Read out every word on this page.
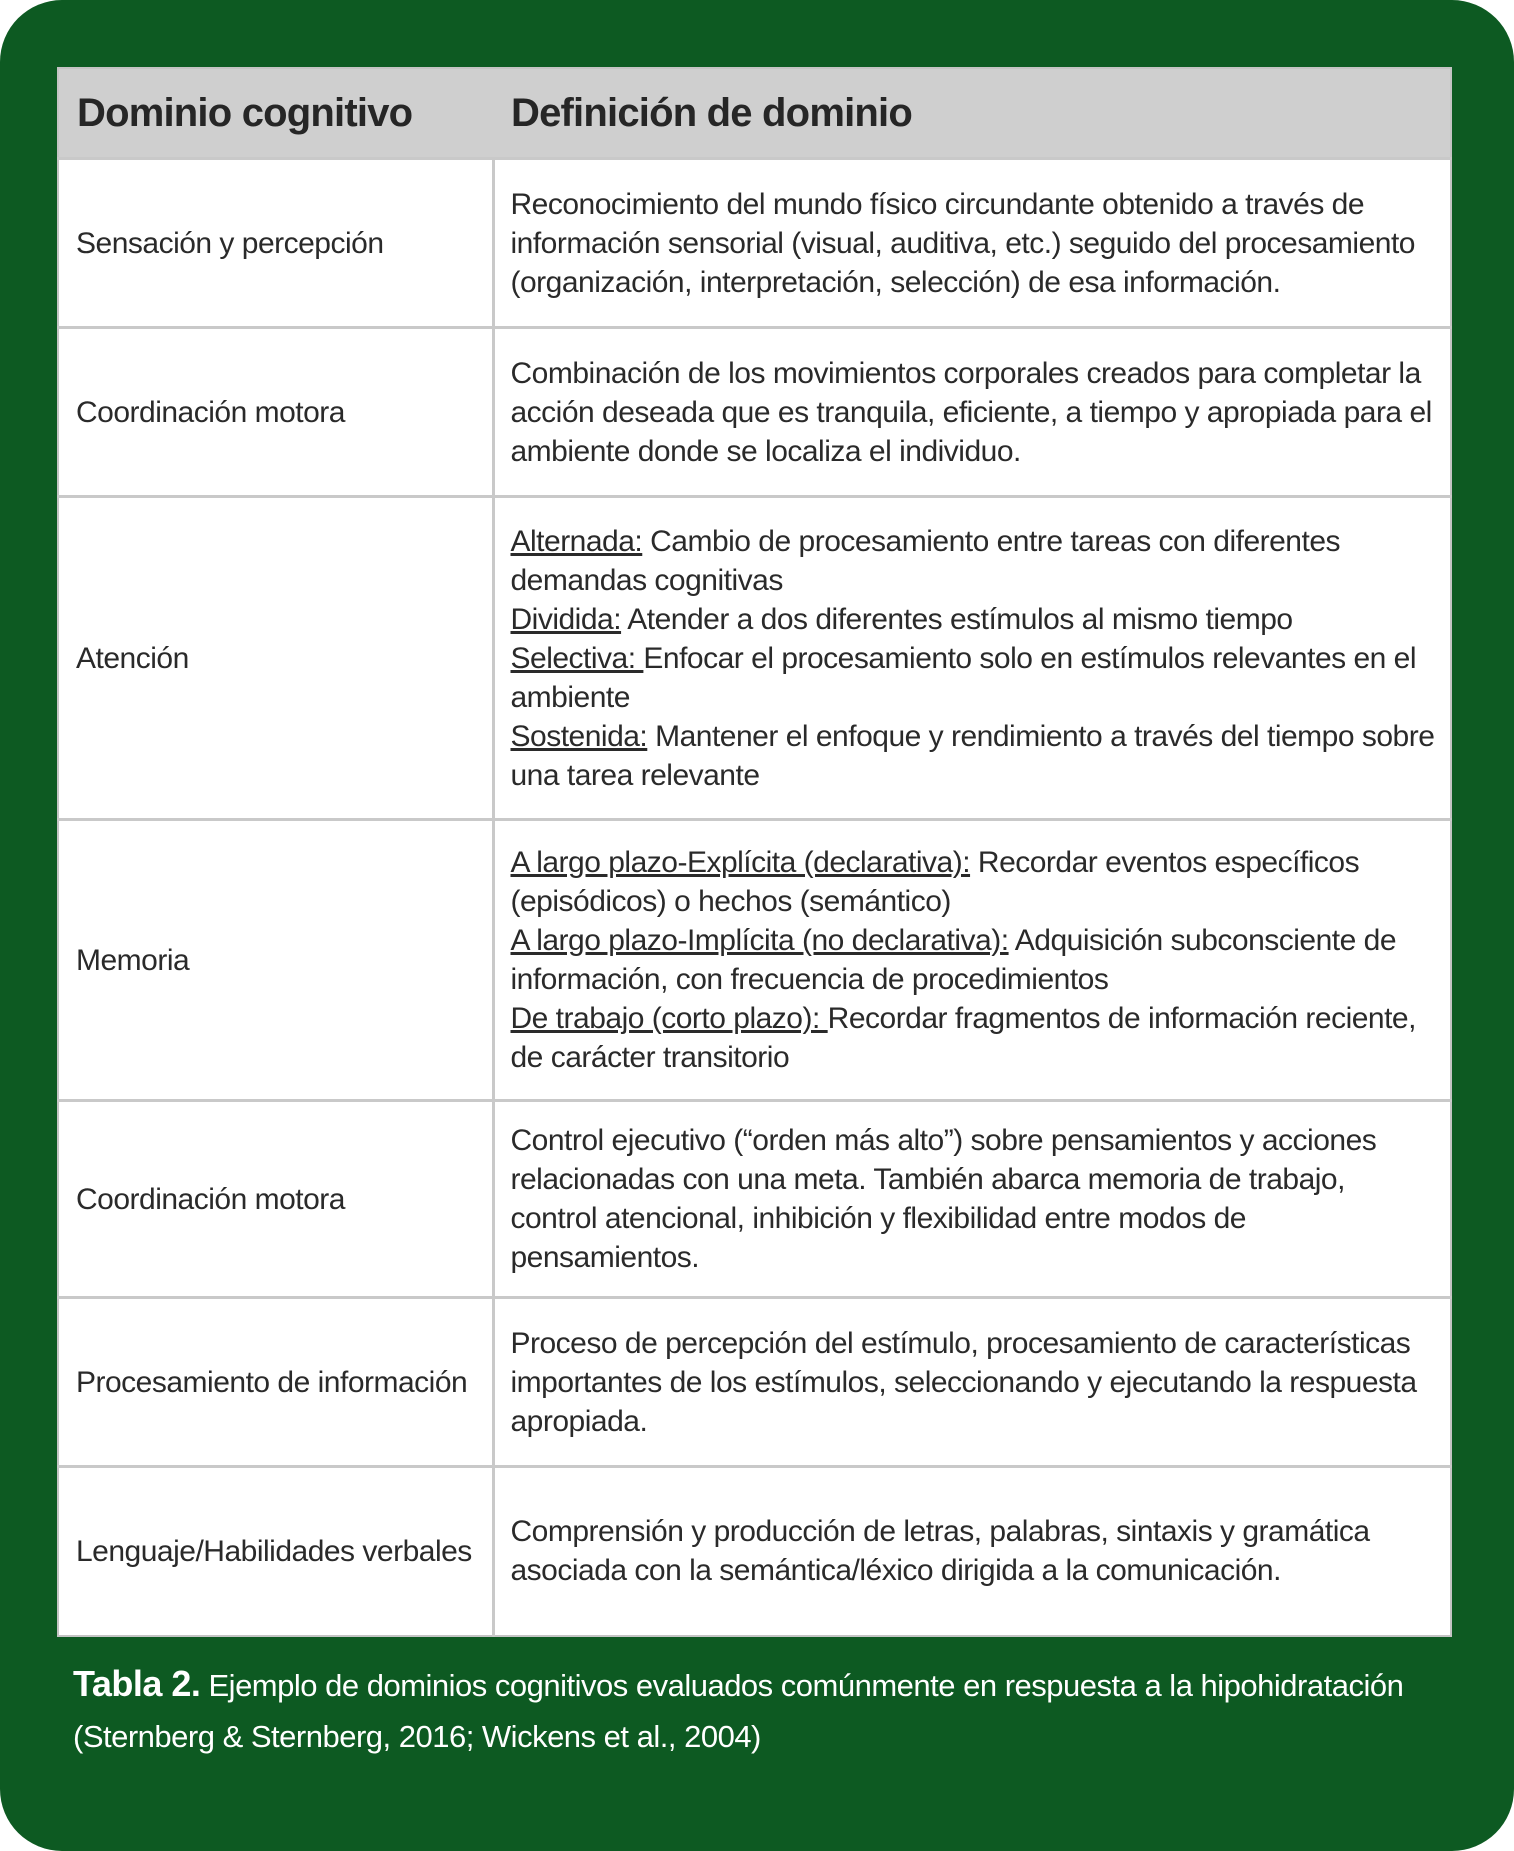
Dominio cognitivo	Definición de dominio
Sensación y percepción	Reconocimiento del mundo físico circundante obtenido a través de información sensorial (visual, auditiva, etc.) seguido del procesamiento (organización, interpretación, selección) de esa información.
Coordinación motora	Combinación de los movimientos corporales creados para completar la acción deseada que es tranquila, eficiente, a tiempo y apropiada para el ambiente donde se localiza el individuo.
Atención	Alternada: Cambio de procesamiento entre tareas con diferentes demandas cognitivas
Dividida: Atender a dos diferentes estímulos al mismo tiempo
Selectiva: Enfocar el procesamiento solo en estímulos relevantes en el ambiente
Sostenida: Mantener el enfoque y rendimiento a través del tiempo sobre una tarea relevante

Memoria	A largo plazo-Explícita (declarativa): Recordar eventos específicos (episódicos) o hechos (semántico)
A largo plazo-Implícita (no declarativa): Adquisición subconsciente de información, con frecuencia de procedimientos
De trabajo (corto plazo): Recordar fragmentos de información reciente, de carácter transitorio

Coordinación motora	Control ejecutivo (“orden más alto”) sobre pensamientos y acciones relacionadas con una meta. También abarca memoria de trabajo, control atencional, inhibición y flexibilidad entre modos de pensamientos.
Procesamiento de información	Proceso de percepción del estímulo, procesamiento de características importantes de los estímulos, seleccionando y ejecutando la respuesta apropiada.
Lenguaje/Habilidades verbales	Comprensión y producción de letras, palabras, sintaxis y gramática asociada con la semántica/léxico dirigida a la comunicación.
Tabla 2. Ejemplo de dominios cognitivos evaluados comúnmente en respuesta a la hipohidratación (Sternberg & Sternberg, 2016; Wickens et al., 2004)
